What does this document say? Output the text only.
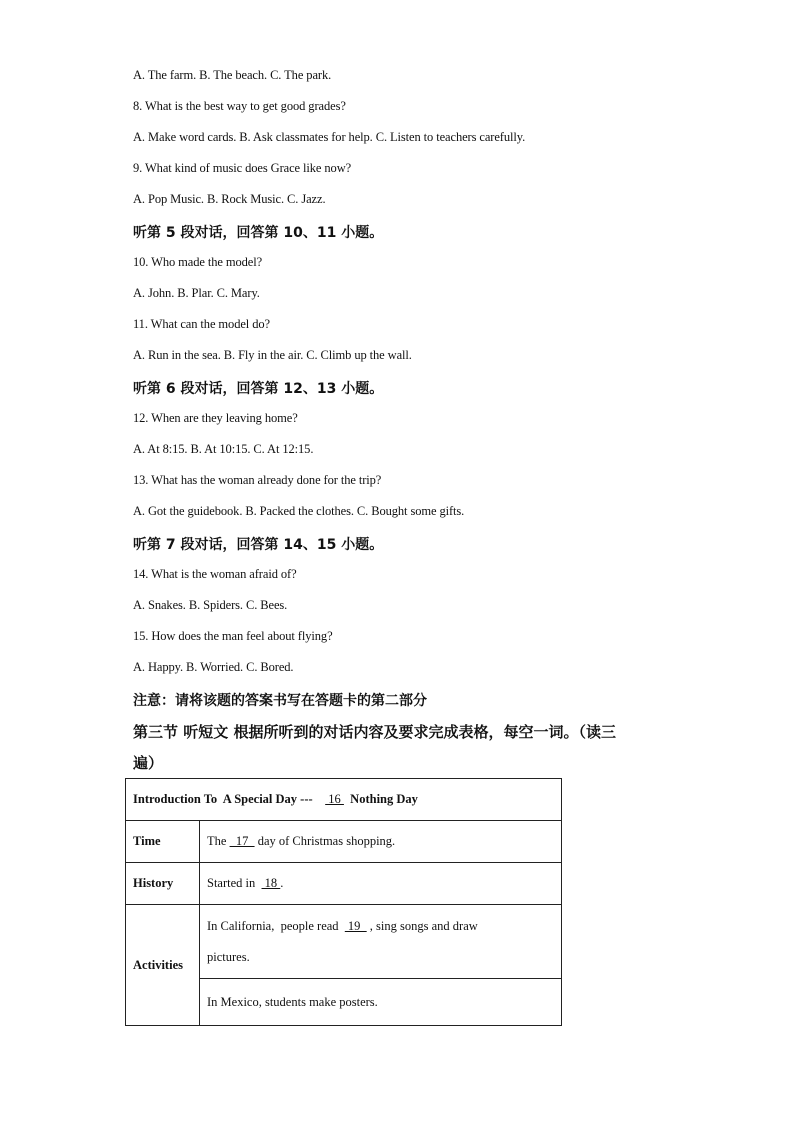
A. The farm. B. The beach. C. The park.
8. What is the best way to get good grades?
A. Make word cards. B. Ask classmates for help. C. Listen to teachers carefully.
9. What kind of music does Grace like now?
A. Pop Music. B. Rock Music. C. Jazz.
听第 5 段对话，回答第 10、11 小题。
10. Who made the model?
A. John. B. Plar. C. Mary.
11. What can the model do?
A. Run in the sea. B. Fly in the air. C. Climb up the wall.
听第 6 段对话，回答第 12、13 小题。
12. When are they leaving home?
A. At 8:15. B. At 10:15. C. At 12:15.
13. What has the woman already done for the trip?
A. Got the guidebook. B. Packed the clothes. C. Bought some gifts.
听第 7 段对话，回答第 14、15 小题。
14. What is the woman afraid of?
A. Snakes. B. Spiders. C. Bees.
15. How does the man feel about flying?
A. Happy. B. Worried. C. Bored.
注意：请将该题的答案书写在答题卡的第二部分
第三节 听短文 根据所听到的对话内容及要求完成表格，每空一词。（读三
遍）
Introduction To  A Special Day ---     16   Nothing Day	
Time	The   17   day of Christmas shopping.
History	Started in   18 .
Activities	In California,  people read   19   , sing songs and draw
pictures.
	In Mexico, students make posters.
